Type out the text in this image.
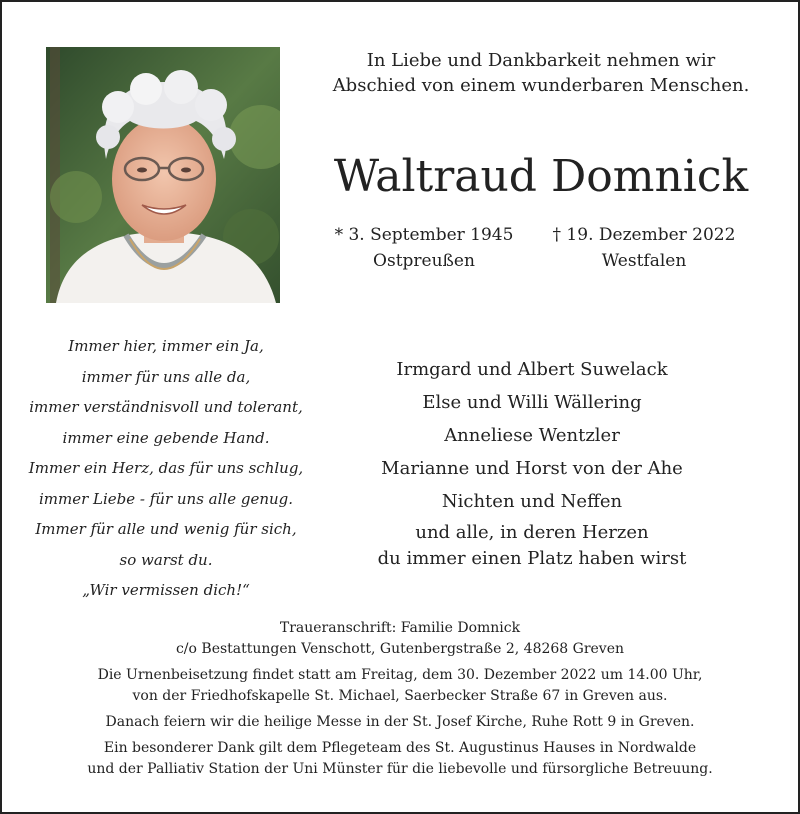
In Liebe und Dankbarkeit nehmen wir
Abschied von einem wunderbaren Menschen.
Waltraud Domnick
* 3. September 1945
Ostpreußen
† 19. Dezember 2022
Westfalen
Immer hier, immer ein Ja,
immer für uns alle da,
immer verständnisvoll und tolerant,
immer eine gebende Hand.
Immer ein Herz, das für uns schlug,
immer Liebe - für uns alle genug.
Immer für alle und wenig für sich,
so warst du.
„Wir vermissen dich!“
Irmgard und Albert Suwelack
Else und Willi Wällering
Anneliese Wentzler
Marianne und Horst von der Ahe
Nichten und Neffen
und alle, in deren Herzen
du immer einen Platz haben wirst
Traueranschrift: Familie Domnick
c/o Bestattungen Venschott, Gutenbergstraße 2, 48268 Greven
Die Urnenbeisetzung findet statt am Freitag, dem 30. Dezember 2022 um 14.00 Uhr,
von der Friedhofskapelle St. Michael, Saerbecker Straße 67 in Greven aus.
Danach feiern wir die heilige Messe in der St. Josef Kirche, Ruhe Rott 9 in Greven.
Ein besonderer Dank gilt dem Pflegeteam des St. Augustinus Hauses in Nordwalde
und der Palliativ Station der Uni Münster für die liebevolle und fürsorgliche Betreuung.
